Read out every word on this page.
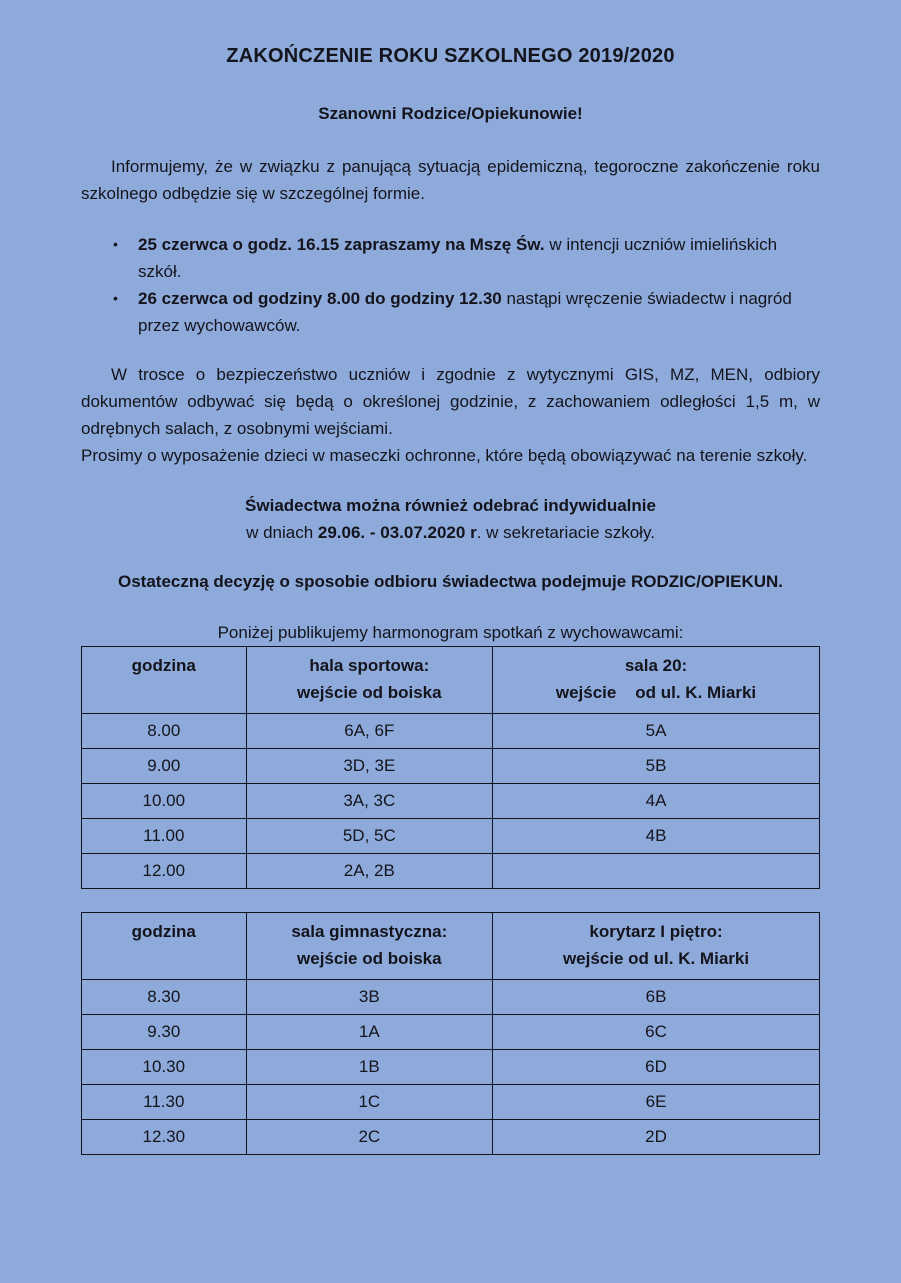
ZAKOŃCZENIE ROKU SZKOLNEGO 2019/2020

Szanowni Rodzice/Opiekunowie!

Informujemy, że w związku z panującą sytuacją epidemiczną, tegoroczne zakończenie roku szkolnego odbędzie się w szczególnej formie.

•	25 czerwca o godz. 16.15 zapraszamy na Mszę Św. w intencji uczniów imielińskich szkół.
•	26 czerwca od godziny 8.00 do godziny 12.30 nastąpi wręczenie świadectw i nagród przez wychowawców.

W trosce o bezpieczeństwo uczniów i zgodnie z wytycznymi GIS, MZ, MEN, odbiory dokumentów odbywać się będą o określonej godzinie, z zachowaniem odległości 1,5 m, w odrębnych salach, z osobnymi wejściami.

Prosimy o wyposażenie dzieci w maseczki ochronne, które będą obowiązywać na terenie szkoły.

Świadectwa można również odebrać indywidualnie

w dniach 29.06. - 03.07.2020 r. w sekretariacie szkoły.

Ostateczną decyzję o sposobie odbioru świadectwa podejmuje RODZIC/OPIEKUN.

Poniżej publikujemy harmonogram spotkań z wychowawcami:

godzina	hala sportowa:
wejście od boiska

sala 20:
wejście    od ul. K. Miarki

8.00	6A, 6F	5A
9.00	3D, 3E	5B
10.00	3A, 3C	4A
11.00	5D, 5C	4B
12.00	2A, 2B	
godzina	sala gimnastyczna:
wejście od boiska

korytarz I piętro:
wejście od ul. K. Miarki

8.30	3B	6B
9.30	1A	6C
10.30	1B	6D
11.30	1C	6E
12.30	2C	2D
